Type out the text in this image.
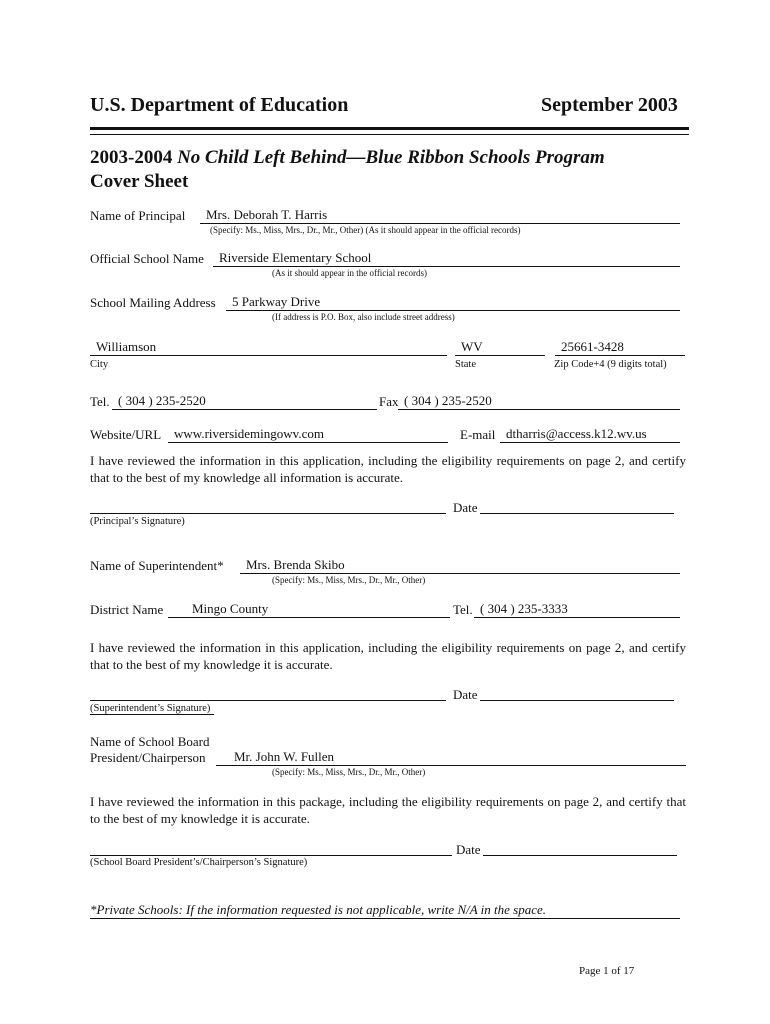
U.S. Department of Education	September 2003
2003-2004 No Child Left Behind—Blue Ribbon Schools Program
Cover Sheet
Name of Principal	Mrs. Deborah T. Harris
(Specify: Ms., Miss, Mrs., Dr., Mr., Other) (As it should appear in the official records)
Official School Name	Riverside Elementary School
(As it should appear in the official records)
School Mailing Address	5 Parkway Drive
(If address is P.O. Box, also include street address)
Williamson	WV	25661-3428
City	State	Zip Code+4 (9 digits total)
Tel. ( 304 ) 235-2520	Fax ( 304 ) 235-2520
Website/URL www.riversidemingowv.com	E-mail dtharris@access.k12.wv.us
I have reviewed the information in this application, including the eligibility requirements on page 2, and certify that to the best of my knowledge all information is accurate.
Date
(Principal’s Signature)
Name of Superintendent*	Mrs. Brenda Skibo
(Specify: Ms., Miss, Mrs., Dr., Mr., Other)
District Name	Mingo County	Tel. ( 304 ) 235-3333
I have reviewed the information in this application, including the eligibility requirements on page 2, and certify that to the best of my knowledge it is accurate.
Date
(Superintendent’s Signature)
Name of School Board
President/Chairperson	Mr. John W. Fullen
(Specify: Ms., Miss, Mrs., Dr., Mr., Other)
I have reviewed the information in this package, including the eligibility requirements on page 2, and certify that to the best of my knowledge it is accurate.
Date
(School Board President’s/Chairperson’s Signature)
*Private Schools: If the information requested is not applicable, write N/A in the space.
Page 1 of 17
